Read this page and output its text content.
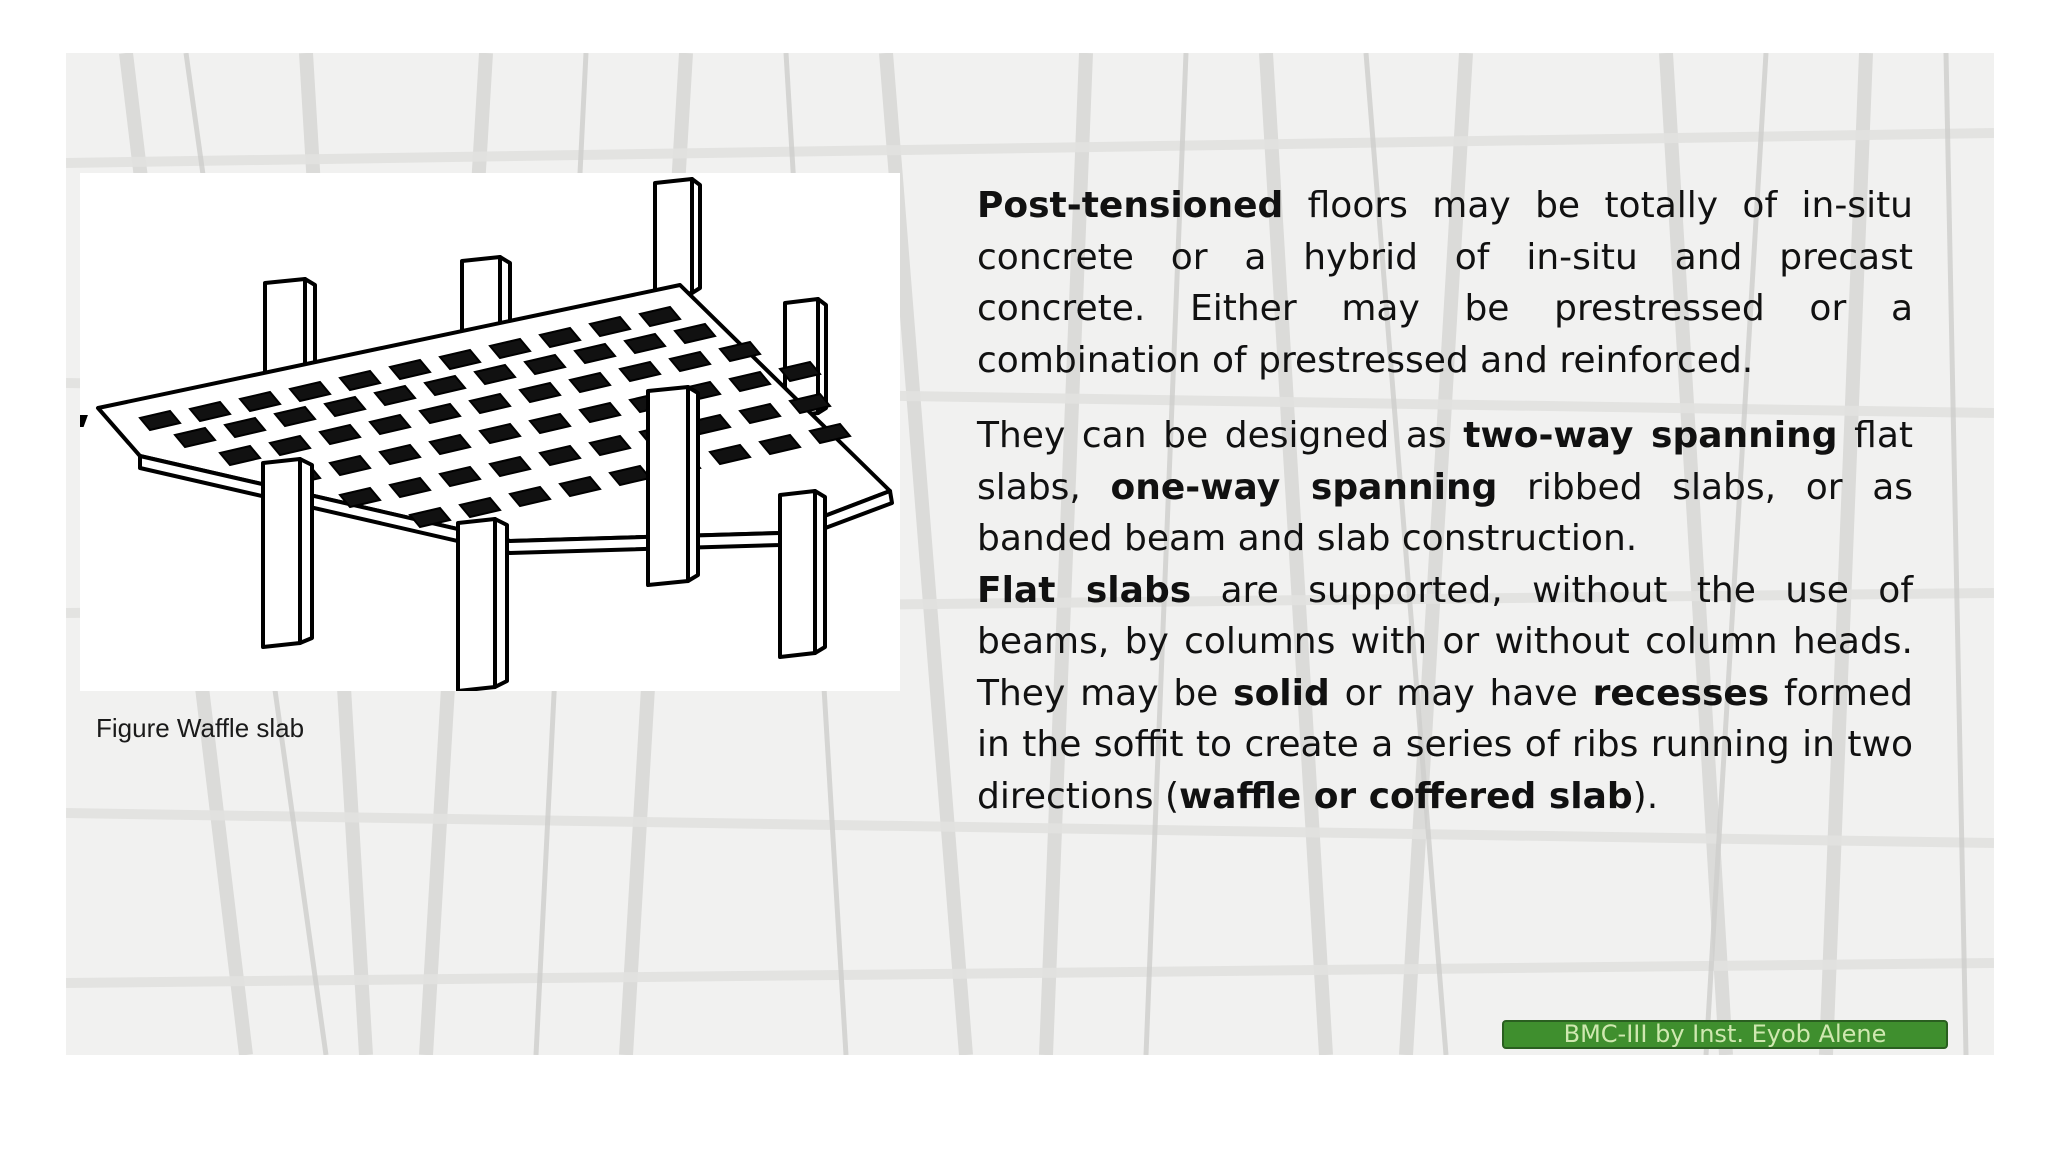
Figure Waffle slab

Post-tensioned floors may be totally of in-situ concrete or a hybrid of in-situ and precast concrete. Either may be prestressed or a combination of prestressed and reinforced.

They can be designed as two-way spanning flat slabs, one-way spanning ribbed slabs, or as banded beam and slab construction.

Flat slabs are supported, without the use of beams, by columns with or without column heads. They may be solid or may have recesses formed in the soffit to create a series of ribs running in two directions (waffle or coffered slab).

BMC-III by Inst. Eyob Alene
